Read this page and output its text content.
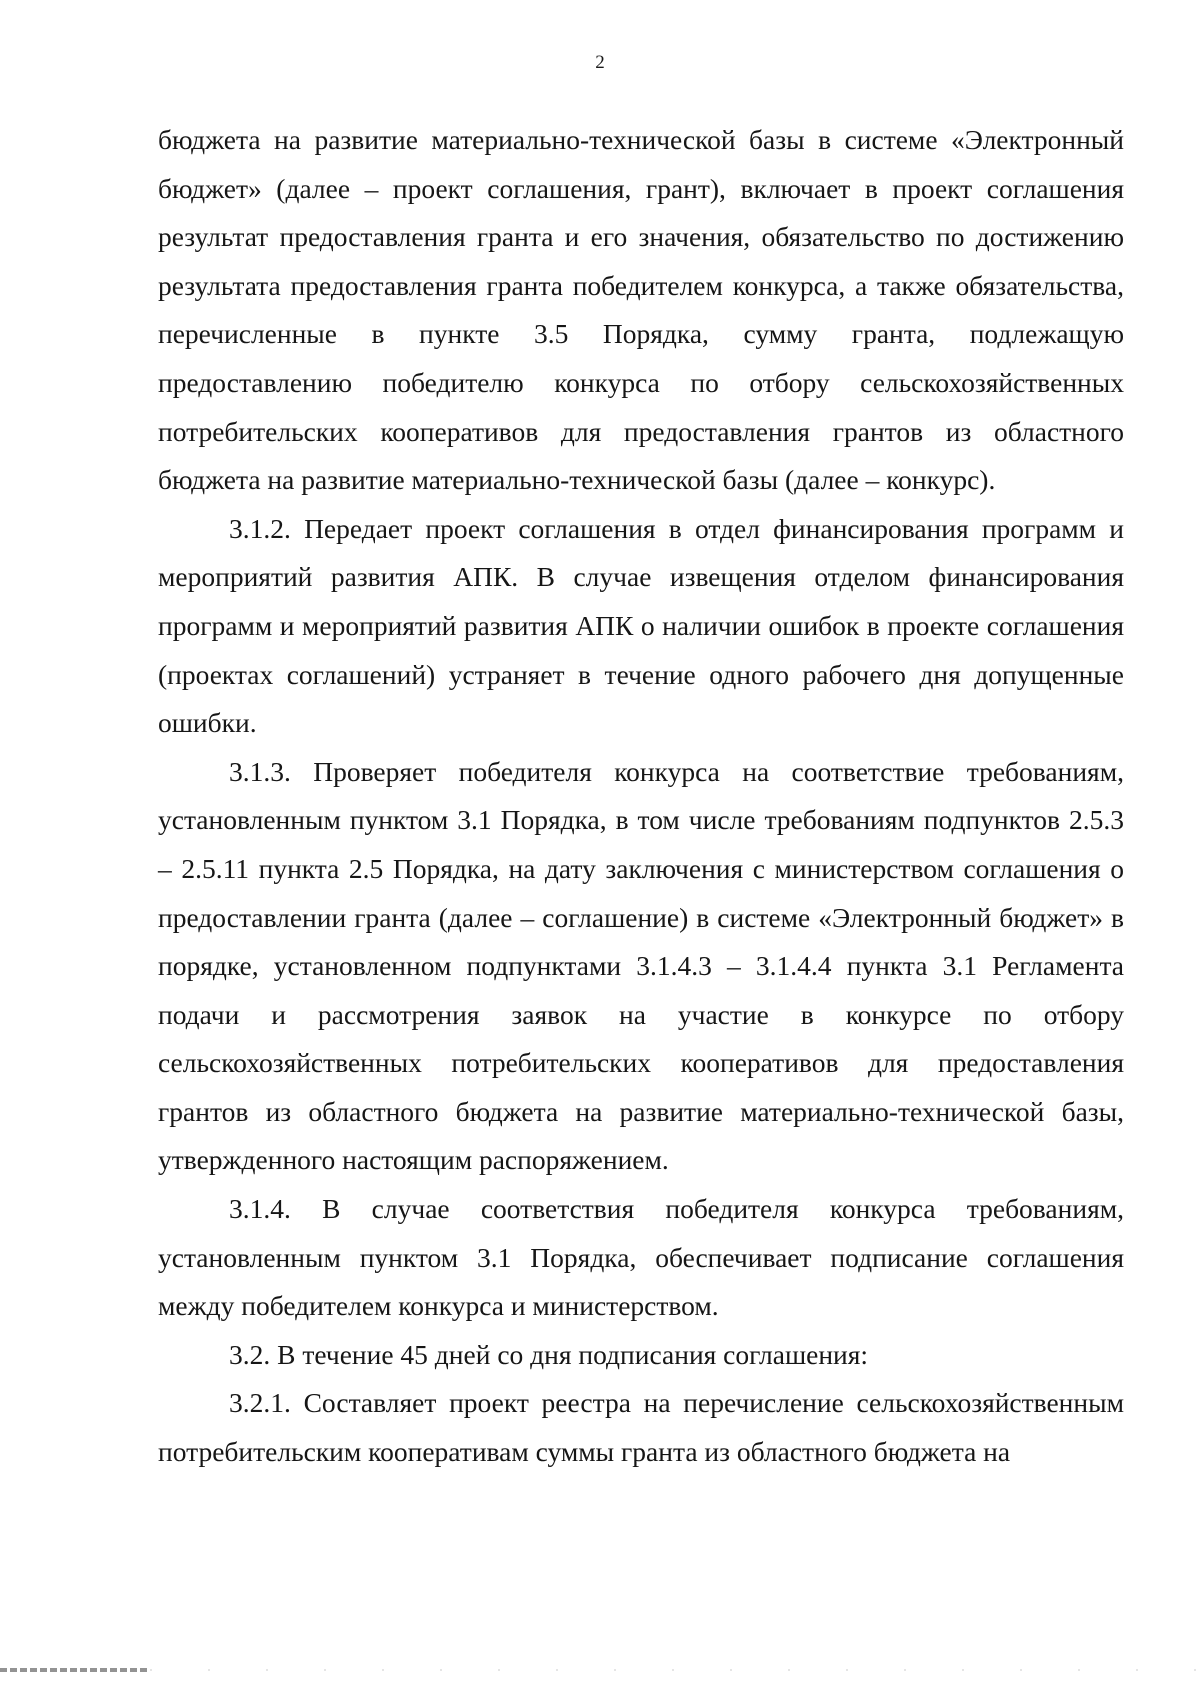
2

бюджета на развитие материально-технической базы в системе «Электронный бюджет» (далее – проект соглашения, грант), включает в проект соглашения результат предоставления гранта и его значения, обязательство по достижению результата предоставления гранта победителем конкурса, а также обязательства, перечисленные в пункте 3.5 Порядка, сумму гранта, подлежащую предоставлению победителю конкурса по отбору сельскохозяйственных потребительских кооперативов для предоставления грантов из областного бюджета на развитие материально-технической базы (далее – конкурс).

3.1.2. Передает проект соглашения в отдел финансирования программ и мероприятий развития АПК. В случае извещения отделом финансирования программ и мероприятий развития АПК о наличии ошибок в проекте соглашения (проектах соглашений) устраняет в течение одного рабочего дня допущенные ошибки.

3.1.3. Проверяет победителя конкурса на соответствие требованиям, установленным пунктом 3.1 Порядка, в том числе требованиям подпунктов 2.5.3 – 2.5.11 пункта 2.5 Порядка, на дату заключения с министерством соглашения о предоставлении гранта (далее – соглашение) в системе «Электронный бюджет» в порядке, установленном подпунктами 3.1.4.3 – 3.1.4.4 пункта 3.1 Регламента подачи и рассмотрения заявок на участие в конкурсе по отбору сельскохозяйственных потребительских кооперативов для предоставления грантов из областного бюджета на развитие материально-технической базы, утвержденного настоящим распоряжением.

3.1.4. В случае соответствия победителя конкурса требованиям, установленным пунктом 3.1 Порядка, обеспечивает подписание соглашения между победителем конкурса и министерством.

3.2. В течение 45 дней со дня подписания соглашения:

3.2.1. Составляет проект реестра на перечисление сельскохозяйственным потребительским кооперативам суммы гранта из областного бюджета на
